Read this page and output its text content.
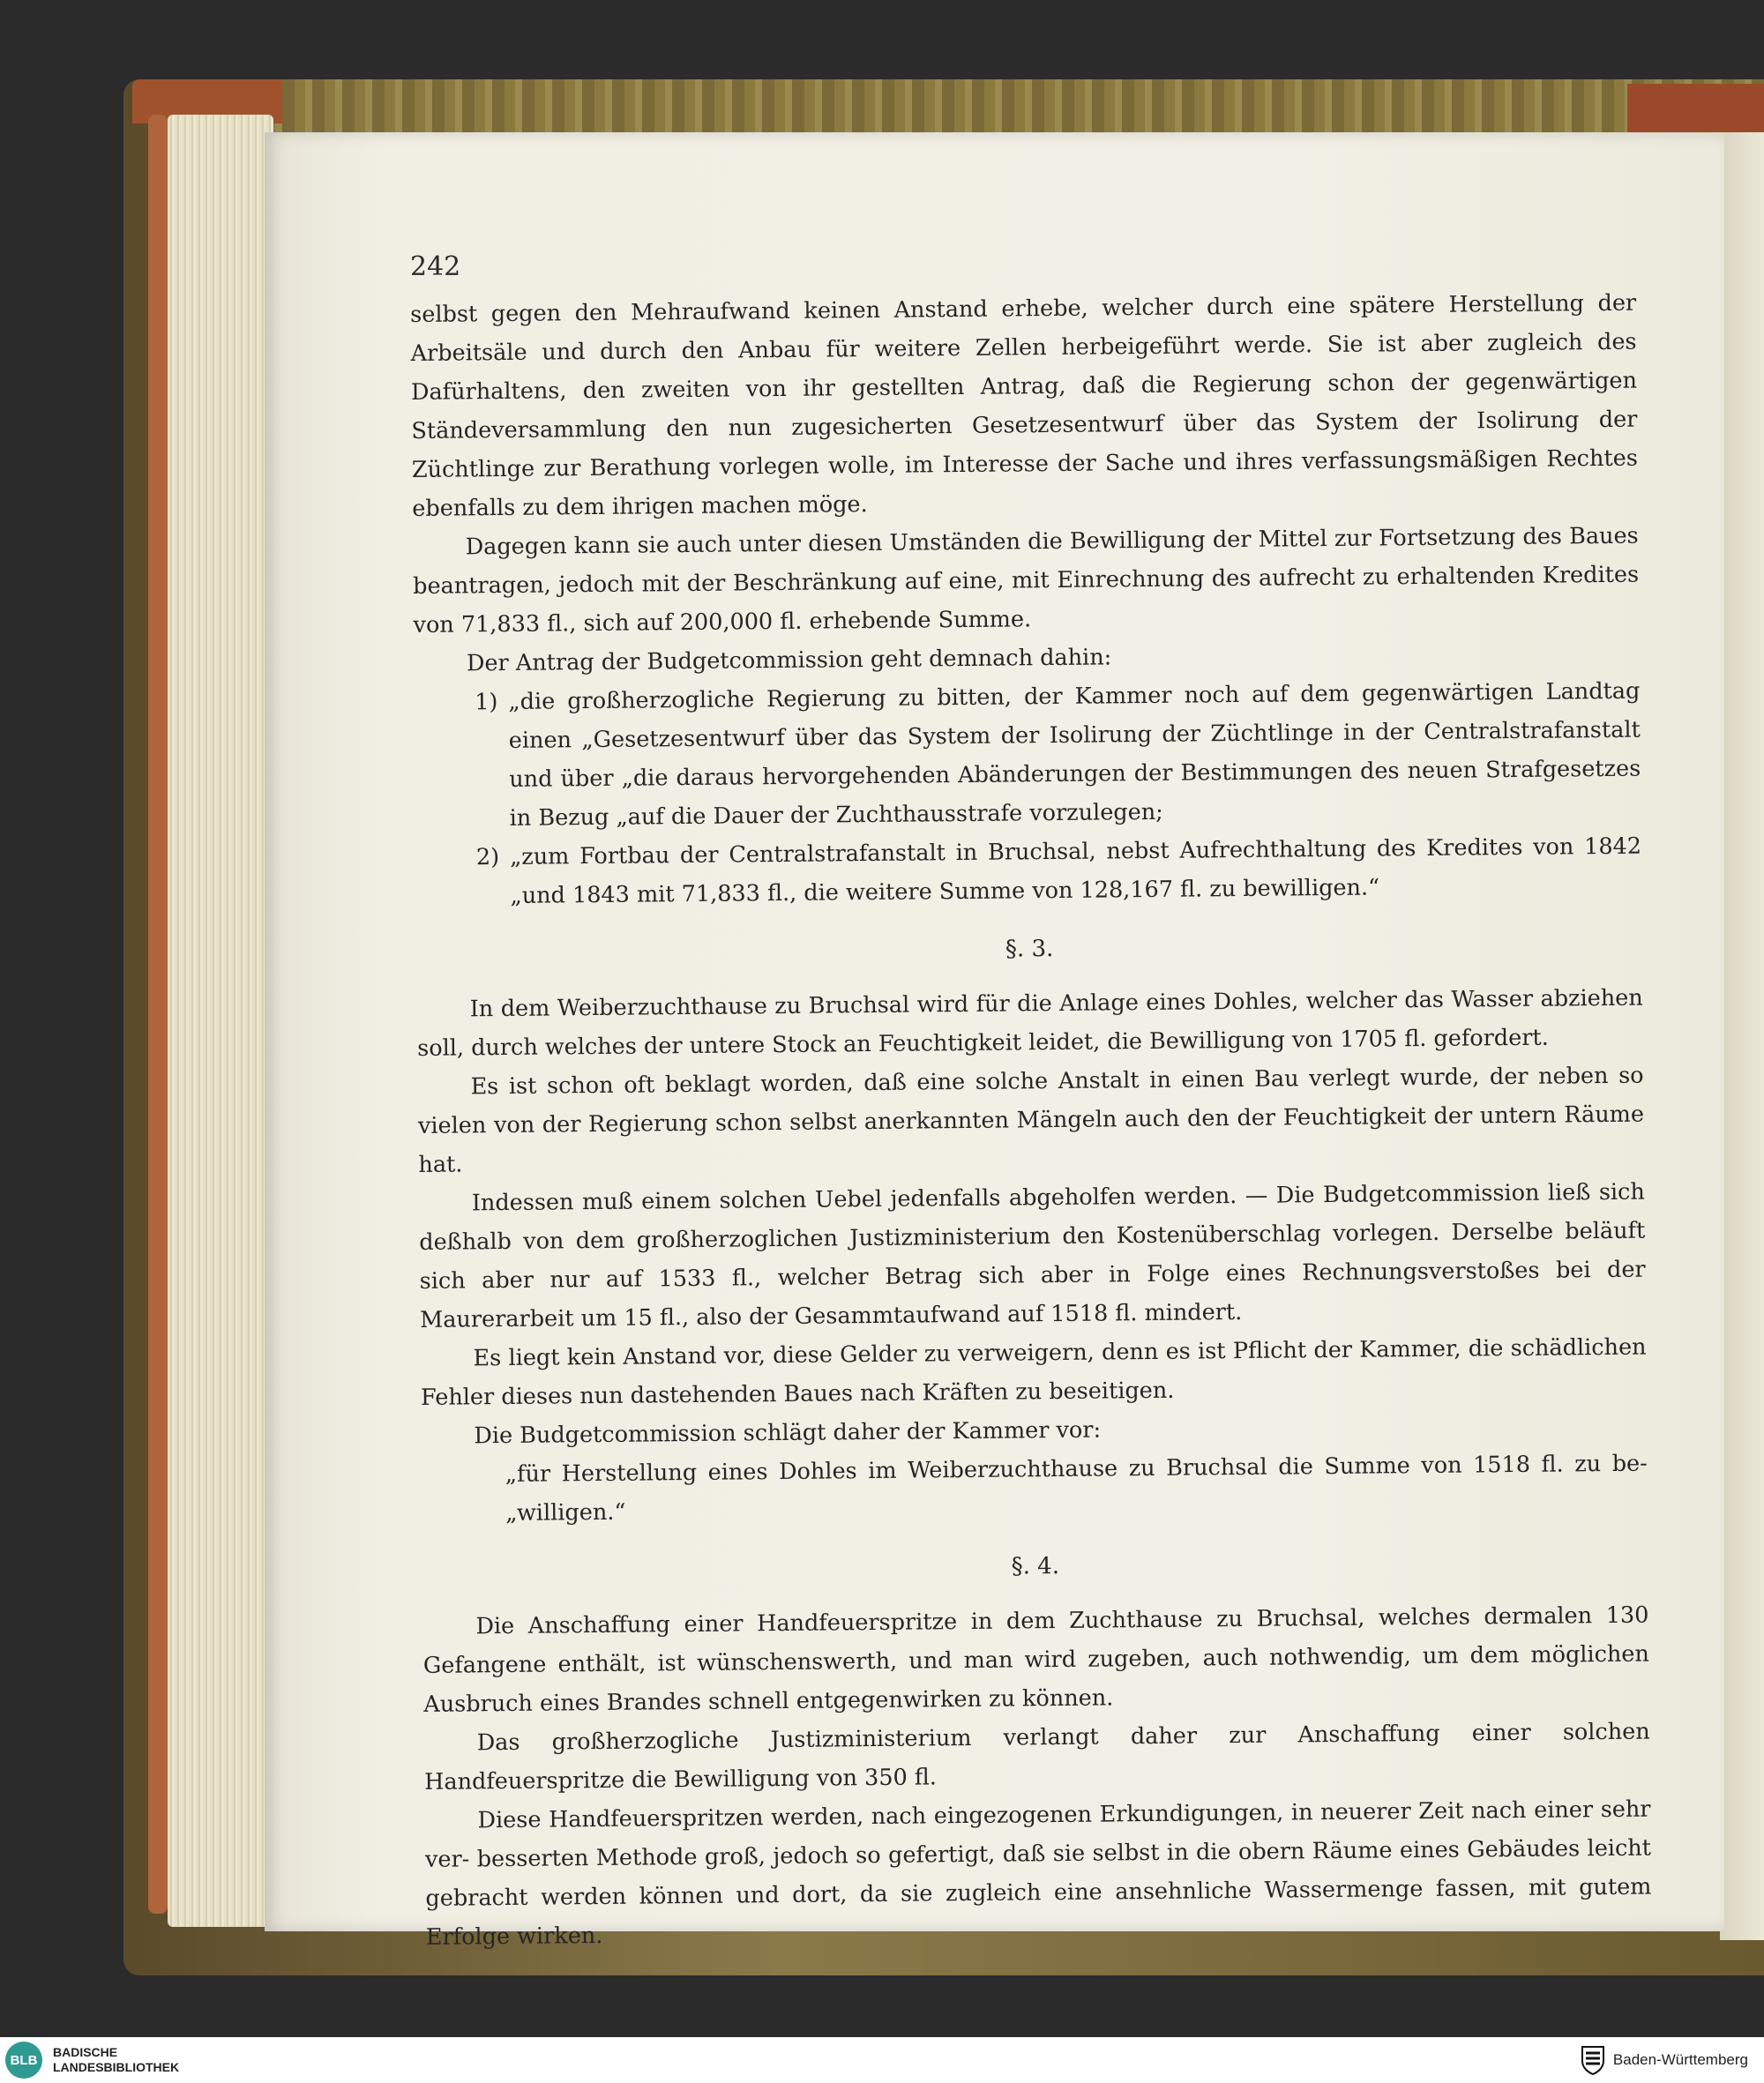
242

selbst gegen den Mehraufwand keinen Anstand erhebe, welcher durch eine spätere Herstellung der Arbeitsäle und durch den Anbau für weitere Zellen herbeigeführt werde. Sie ist aber zugleich des Dafürhaltens, den zweiten von ihr gestellten Antrag, daß die Regierung schon der gegenwärtigen Ständeversammlung den nun zugesicherten Gesetzesentwurf über das System der Isolirung der Züchtlinge zur Berathung vorlegen wolle, im Interesse der Sache und ihres verfassungsmäßigen Rechtes ebenfalls zu dem ihrigen machen möge.

Dagegen kann sie auch unter diesen Umständen die Bewilligung der Mittel zur Fortsetzung des Baues beantragen, jedoch mit der Beschränkung auf eine, mit Einrechnung des aufrecht zu erhaltenden Kredites von 71,833 fl., sich auf 200,000 fl. erhebende Summe.

Der Antrag der Budgetcommission geht demnach dahin:

1) „die großherzogliche Regierung zu bitten, der Kammer noch auf dem gegenwärtigen Landtag einen „Gesetzesentwurf über das System der Isolirung der Züchtlinge in der Centralstrafanstalt und über „die daraus hervorgehenden Abänderungen der Bestimmungen des neuen Strafgesetzes in Bezug „auf die Dauer der Zuchthausstrafe vorzulegen;
2) „zum Fortbau der Centralstrafanstalt in Bruchsal, nebst Aufrechthaltung des Kredites von 1842 „und 1843 mit 71,833 fl., die weitere Summe von 128,167 fl. zu bewilligen.“
§. 3.

In dem Weiberzuchthause zu Bruchsal wird für die Anlage eines Dohles, welcher das Wasser abziehen soll, durch welches der untere Stock an Feuchtigkeit leidet, die Bewilligung von 1705 fl. gefordert.

Es ist schon oft beklagt worden, daß eine solche Anstalt in einen Bau verlegt wurde, der neben so vielen von der Regierung schon selbst anerkannten Mängeln auch den der Feuchtigkeit der untern Räume hat.

Indessen muß einem solchen Uebel jedenfalls abgeholfen werden. — Die Budgetcommission ließ sich deßhalb von dem großherzoglichen Justizministerium den Kostenüberschlag vorlegen. Derselbe beläuft sich aber nur auf 1533 fl., welcher Betrag sich aber in Folge eines Rechnungsverstoßes bei der Maurerarbeit um 15 fl., also der Gesammtaufwand auf 1518 fl. mindert.

Es liegt kein Anstand vor, diese Gelder zu verweigern, denn es ist Pflicht der Kammer, die schädlichen Fehler dieses nun dastehenden Baues nach Kräften zu beseitigen.

Die Budgetcommission schlägt daher der Kammer vor:

„für Herstellung eines Dohles im Weiberzuchthause zu Bruchsal die Summe von 1518 fl. zu be- „willigen.“

§. 4.

Die Anschaffung einer Handfeuerspritze in dem Zuchthause zu Bruchsal, welches dermalen 130 Gefangene enthält, ist wünschenswerth, und man wird zugeben, auch nothwendig, um dem möglichen Ausbruch eines Brandes schnell entgegenwirken zu können.

Das großherzogliche Justizministerium verlangt daher zur Anschaffung einer solchen Handfeuerspritze die Bewilligung von 350 fl.

Diese Handfeuerspritzen werden, nach eingezogenen Erkundigungen, in neuerer Zeit nach einer sehr ver- besserten Methode groß, jedoch so gefertigt, daß sie selbst in die obern Räume eines Gebäudes leicht gebracht werden können und dort, da sie zugleich eine ansehnliche Wassermenge fassen, mit gutem Erfolge wirken.

BLB
BADISCHE
LANDESBIBLIOTHEK	Baden-Württemberg
